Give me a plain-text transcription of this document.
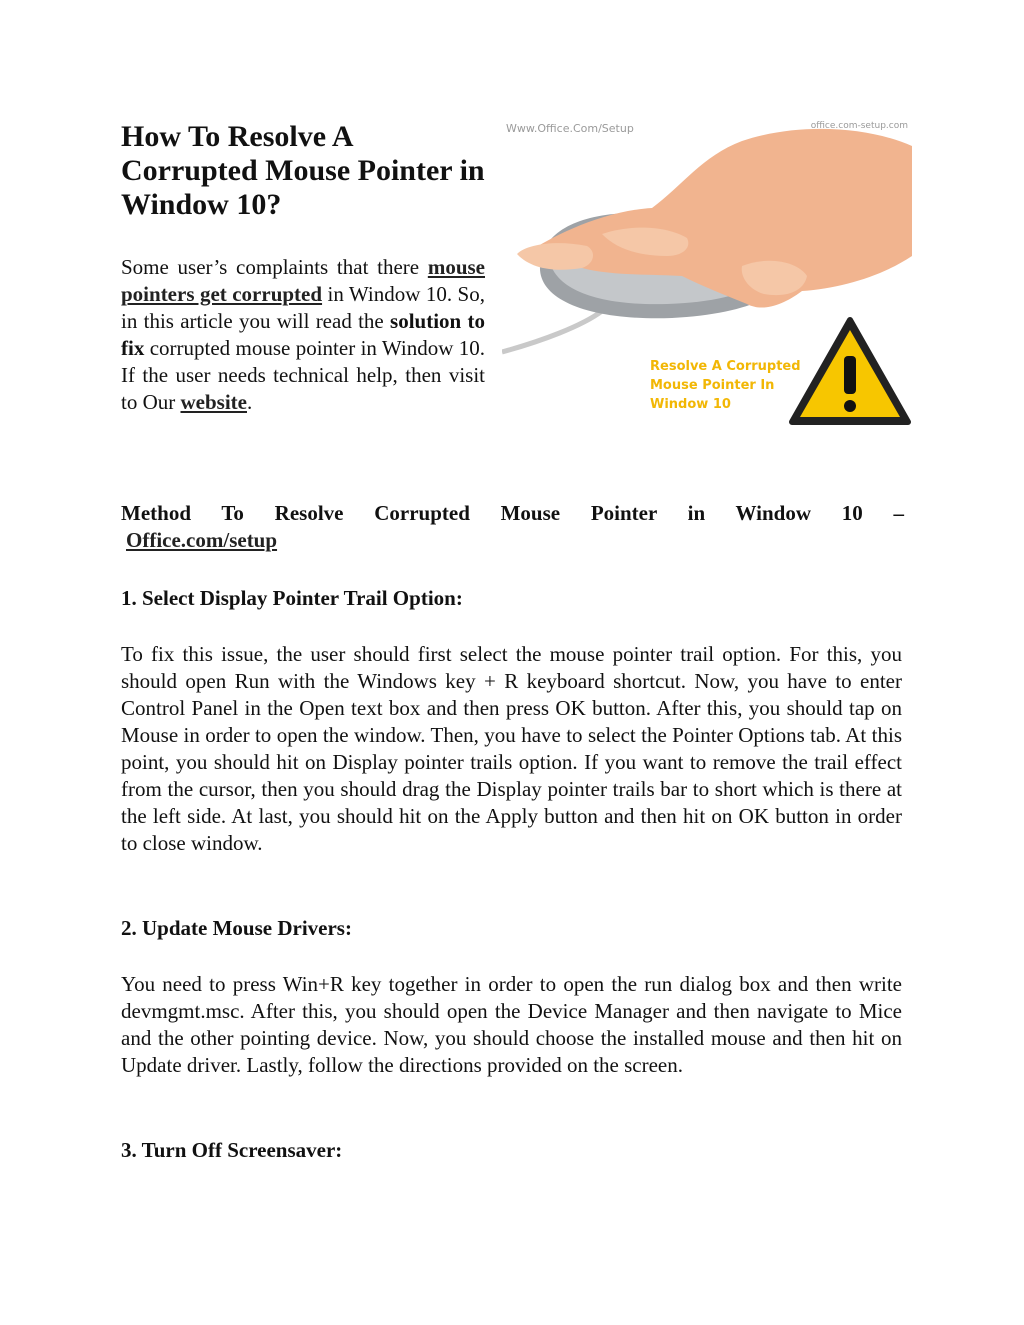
How To Resolve A Corrupted Mouse Pointer in Window 10?

Some user’s complaints that there mouse pointers get corrupted in Window 10. So, in this article you will read the solution to fix corrupted mouse pointer in Window 10. If the user needs technical help, then visit to Our website.

Www.Office.Com/Setup	office.com-setup.com
Resolve A Corrupted
Mouse Pointer In
Window 10

Method To Resolve Corrupted Mouse Pointer in Window 10 –

Office.com/setup

1. Select Display Pointer Trail Option:

To fix this issue, the user should first select the mouse pointer trail option. For this, you should open Run with the Windows key + R keyboard shortcut. Now, you have to enter Control Panel in the Open text box and then press OK button. After this, you should tap on Mouse in order to open the window. Then, you have to select the Pointer Options tab. At this point, you should hit on Display pointer trails option. If you want to remove the trail effect from the cursor, then you should drag the Display pointer trails bar to short which is there at the left side. At last, you should hit on the Apply button and then hit on OK button in order to close window.

2. Update Mouse Drivers:

You need to press Win+R key together in order to open the run dialog box and then write devmgmt.msc. After this, you should open the Device Manager and then navigate to Mice and the other pointing device. Now, you should choose the installed mouse and then hit on Update driver. Lastly, follow the directions provided on the screen.

3. Turn Off Screensaver:
